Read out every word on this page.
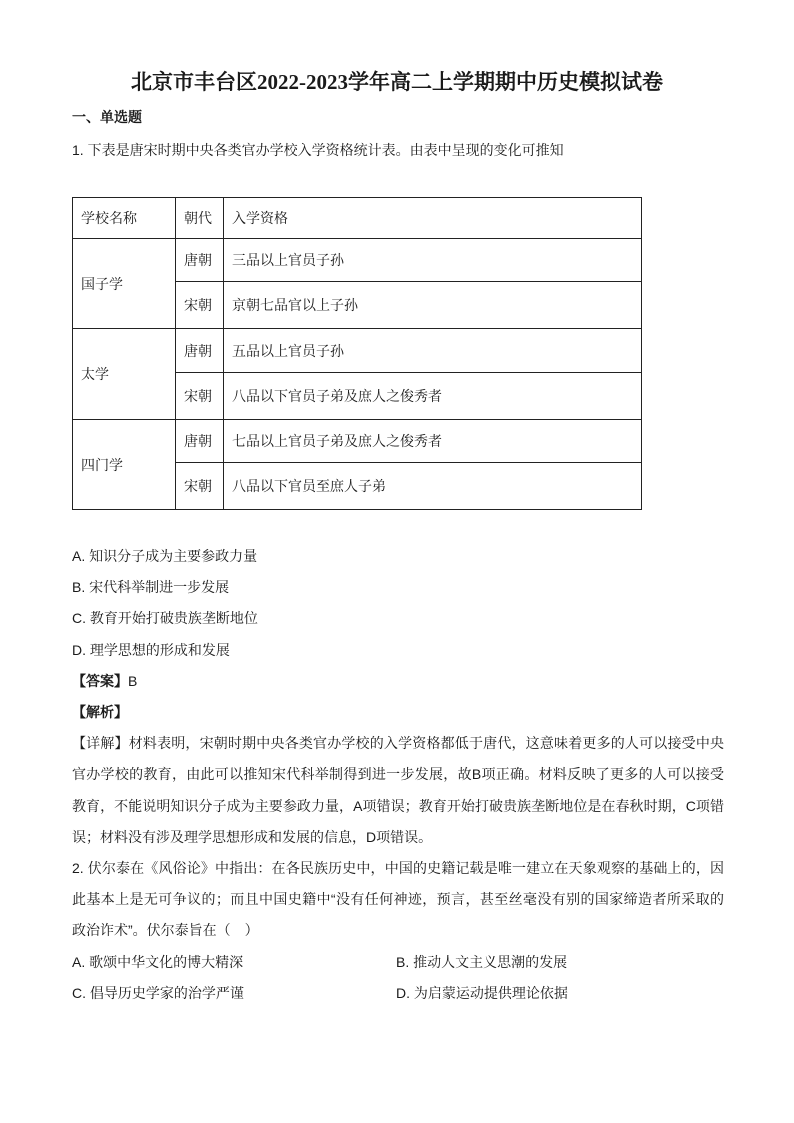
北京市丰台区2022-2023学年高二上学期期中历史模拟试卷
一、单选题
1. 下表是唐宋时期中央各类官办学校入学资格统计表。由表中呈现的变化可推知
学校名称	朝代	入学资格
国子学	唐朝	三品以上官员子孙
	宋朝	京朝七品官以上子孙
太学	唐朝	五品以上官员子孙
	宋朝	八品以下官员子弟及庶人之俊秀者
四门学	唐朝	七品以上官员子弟及庶人之俊秀者
	宋朝	八品以下官员至庶人子弟
A. 知识分子成为主要参政力量
B. 宋代科举制进一步发展
C. 教育开始打破贵族垄断地位
D. 理学思想的形成和发展
【答案】B
【解析】
【详解】材料表明，宋朝时期中央各类官办学校的入学资格都低于唐代，这意味着更多的人可以接受中央
官办学校的教育，由此可以推知宋代科举制得到进一步发展，故B项正确。材料反映了更多的人可以接受
教育，不能说明知识分子成为主要参政力量，A项错误；教育开始打破贵族垄断地位是在春秋时期，C项错
误；材料没有涉及理学思想形成和发展的信息，D项错误。
2. 伏尔泰在《风俗论》中指出：在各民族历史中，中国的史籍记载是唯一建立在天象观察的基础上的，因
此基本上是无可争议的；而且中国史籍中“没有任何神迹，预言，甚至丝毫没有别的国家缔造者所采取的
政治诈术”。伏尔泰旨在（　）
A. 歌颂中华文化的博大精深	B. 推动人文主义思潮的发展
C. 倡导历史学家的治学严谨	D. 为启蒙运动提供理论依据
